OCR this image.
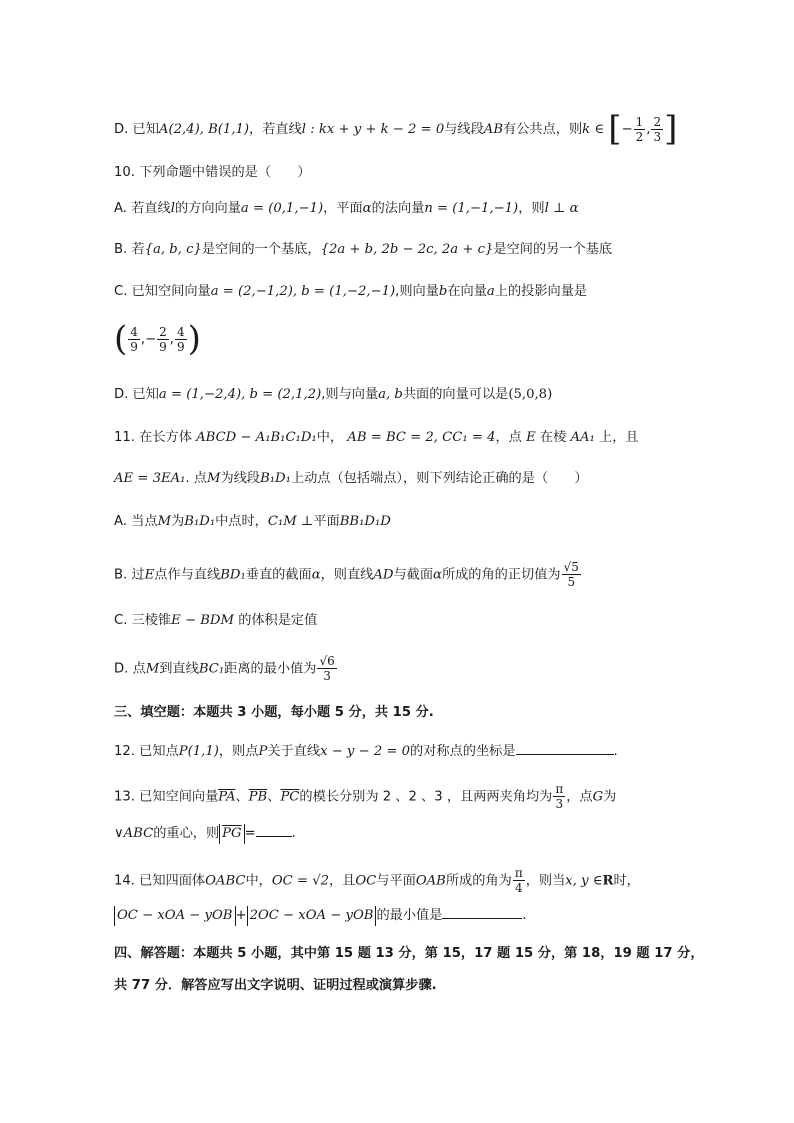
D. 已知A(2,4), B(1,1)，若直线l : kx + y + k − 2 = 0与线段AB有公共点，则k ∈ [− $\frac{1}{2}$ , $\frac{2}{3}$ ]
10. 下列命题中错误的是（　　）
A. 若直线l的方向向量a = (0,1,−1)，平面α的法向量n = (1,−1,−1)，则l ⊥ α
B. 若{a, b, c}是空间的一个基底，{2a + b, 2b − 2c, 2a + c}是空间的另一个基底
C. 已知空间向量a = (2,−1,2), b = (1,−2,−1),则向量b在向量a上的投影向量是
( $\frac{4}{9}$ ,− $\frac{2}{9}$ , $\frac{4}{9}$ )
D. 已知a = (1,−2,4), b = (2,1,2),则与向量a, b共面的向量可以是(5,0,8)
11. 在长方体 ABCD − A₁B₁C₁D₁中， AB = BC = 2, CC₁ = 4，点 E 在棱 AA₁ 上，且
AE = 3EA₁. 点M为线段B₁D₁上动点（包括端点），则下列结论正确的是（　　）
A. 当点M为B₁D₁中点时，C₁M ⊥平面BB₁D₁D
B. 过E点作与直线BD₁垂直的截面α，则直线AD与截面α所成的角的正切值为 $\frac{√5}{5}$
C. 三棱锥E − BDM 的体积是定值
D. 点M到直线BC₁距离的最小值为 $\frac{√6}{3}$
三、填空题：本题共 3 小题，每小题 5 分，共 15 分.
12. 已知点P(1,1)，则点P关于直线x − y − 2 = 0的对称点的坐标是	.
13. 已知空间向量$\overline{PA}$、$\overline{PB}$、$\overline{PC}$的模长分别为 2 、2 、3 ，且两两夹角均为 $\frac{\pi}{3}$ ，点G为
∨ABC的重心，则 $\overline{PG}$ =	.
14. 已知四面体OABC中，OC = √2，且OC与平面OAB所成的角为 $\frac{\pi}{4}$ ，则当x, y ∈R时，
OC − xOA − yOB + 2OC − xOA − yOB 的最小值是	.
四、解答题：本题共 5 小题，其中第 15 题 13 分，第 15，17 题 15 分，第 18，19 题 17 分，
共 77 分．解答应写出文字说明、证明过程或演算步骤.
